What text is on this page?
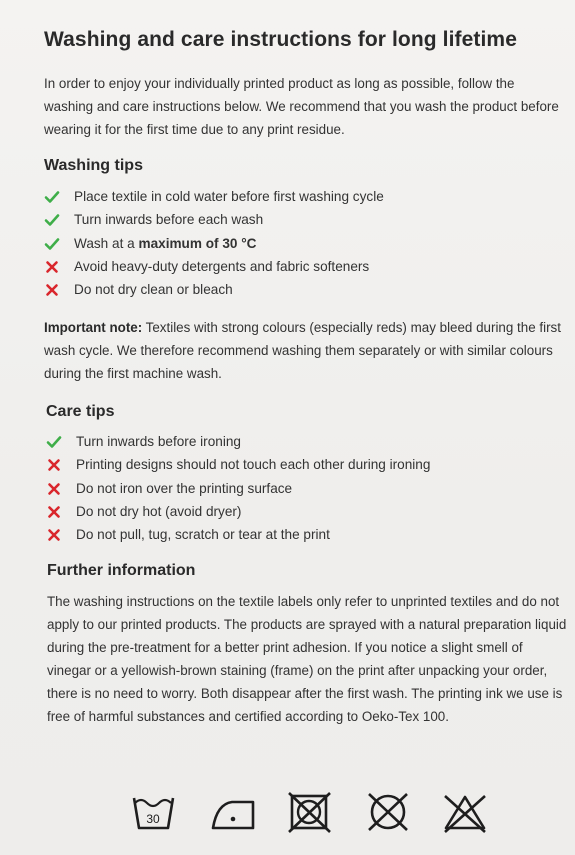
Washing and care instructions for long lifetime

In order to enjoy your individually printed product as long as possible, follow the washing and care instructions below. We recommend that you wash the product before wearing it for the first time due to any print residue.

Washing tips
Place textile in cold water before first washing cycle
Turn inwards before each wash
Wash at a maximum of 30 °C
Avoid heavy-duty detergents and fabric softeners
Do not dry clean or bleach

Important note: Textiles with strong colours (especially reds) may bleed during the first wash cycle. We therefore recommend washing them separately or with similar colours during the first machine wash.

Care tips
Turn inwards before ironing
Printing designs should not touch each other during ironing
Do not iron over the printing surface
Do not dry hot (avoid dryer)
Do not pull, tug, scratch or tear at the print
Further information

The washing instructions on the textile labels only refer to unprinted textiles and do not apply to our printed products. The products are sprayed with a natural preparation liquid during the pre-treatment for a better print adhesion. If you notice a slight smell of vinegar or a yellowish-brown staining (frame) on the print after unpacking your order, there is no need to worry. Both disappear after the first wash. The printing ink we use is free of harmful substances and certified according to Oeko-Tex 100.

30
